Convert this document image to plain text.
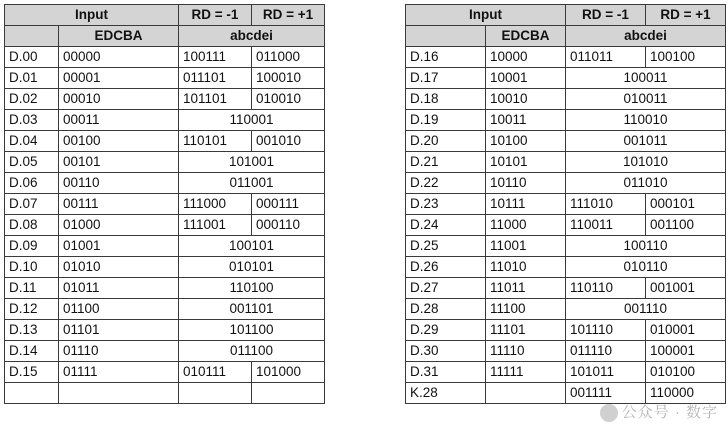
Input		RD = -1	RD = +1
	EDCBA	abcdei	
D.00	00000	100111	011000
D.01	00001	011101	100010
D.02	00010	101101	010010
D.03	00011	110001	
D.04	00100	110101	001010
D.05	00101	101001	
D.06	00110	011001	
D.07	00111	111000	000111
D.08	01000	111001	000110
D.09	01001	100101	
D.10	01010	010101	
D.11	01011	110100	
D.12	01100	001101	
D.13	01101	101100	
D.14	01110	011100	
D.15	01111	010111	101000

Input		RD = -1	RD = +1
	EDCBA	abcdei	
D.16	10000	011011	100100
D.17	10001	100011	
D.18	10010	010011	
D.19	10011	110010	
D.20	10100	001011	
D.21	10101	101010	
D.22	10110	011010	
D.23	10111	111010	000101
D.24	11000	110011	001100
D.25	11001	100110	
D.26	11010	010110	
D.27	11011	110110	001001
D.28	11100	001110	
D.29	11101	101110	010001
D.30	11110	011110	100001
D.31	11111	101011	010100
K.28		001111	110000
公众号 · 数字
